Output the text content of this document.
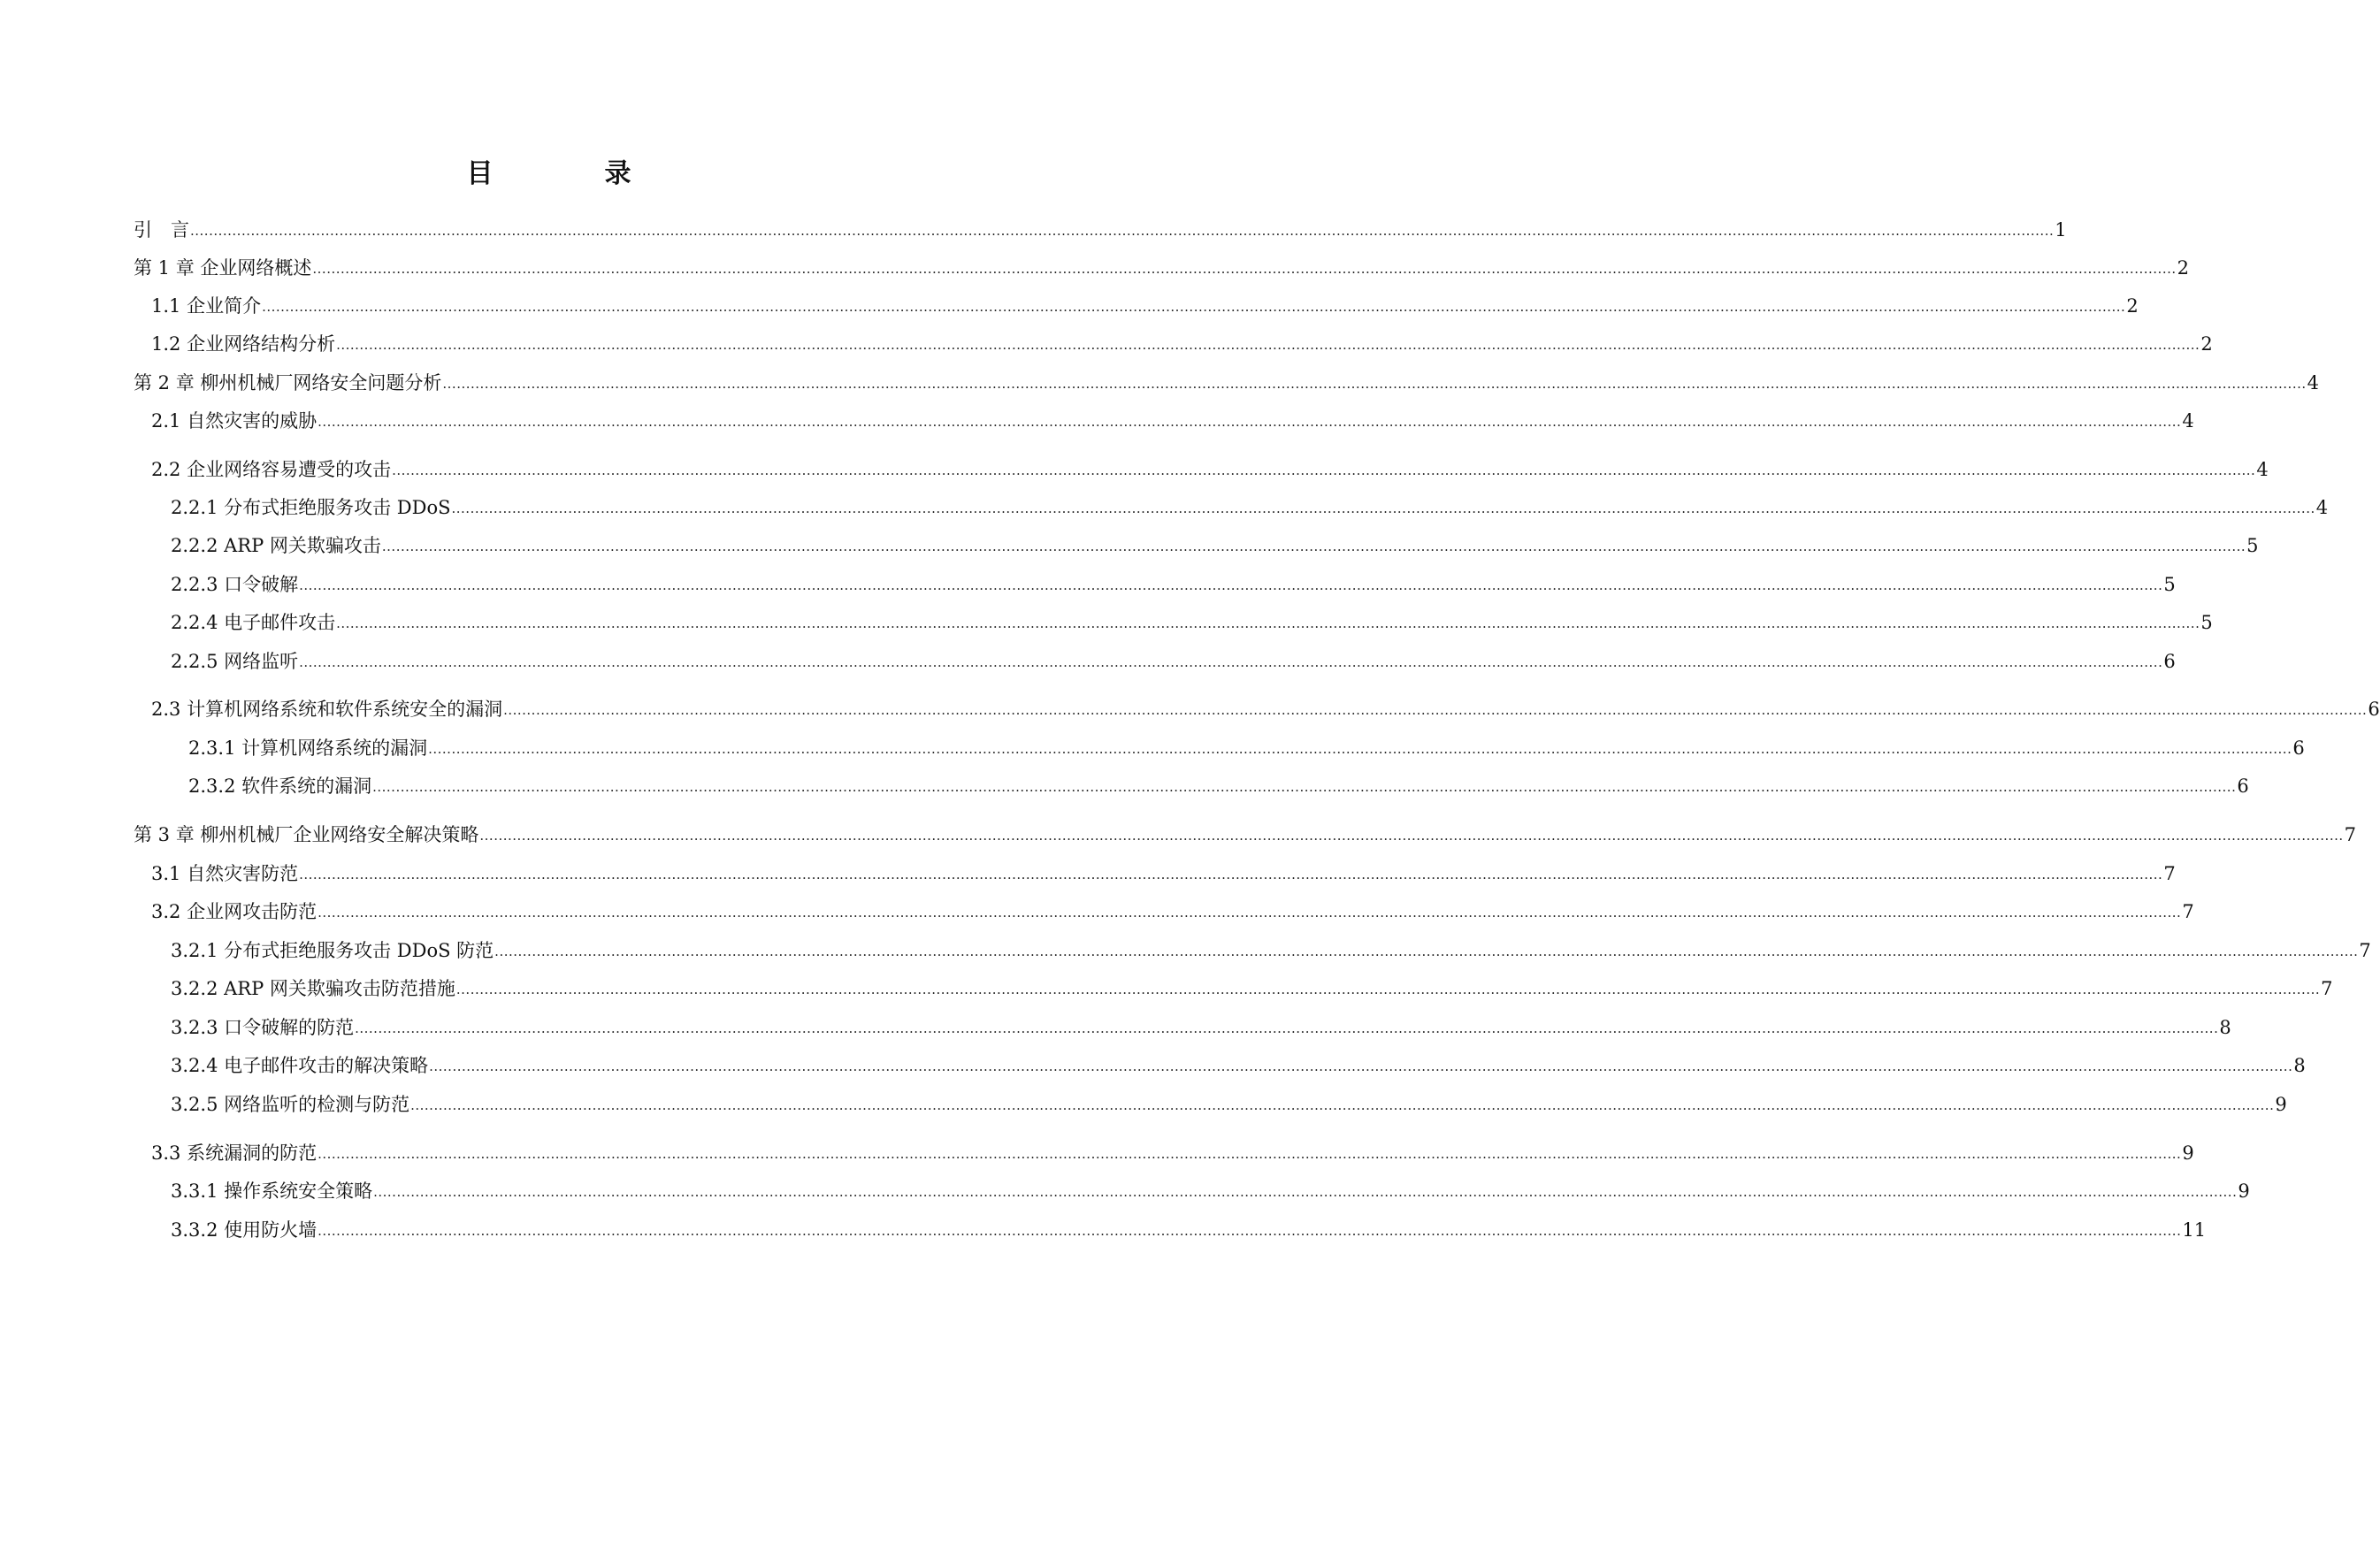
目　录
引　言 ................................................................................................................................................................................................................................................................................................................................................................................................................ 1
第 1 章 企业网络概述 ................................................................................................................................................................................................................................................................................................................................................................................................................ 2
1.1 企业简介 ................................................................................................................................................................................................................................................................................................................................................................................................................ 2
1.2 企业网络结构分析 ................................................................................................................................................................................................................................................................................................................................................................................................................ 2
第 2 章 柳州机械厂网络安全问题分析 ................................................................................................................................................................................................................................................................................................................................................................................................................ 4
2.1 自然灾害的威胁 ................................................................................................................................................................................................................................................................................................................................................................................................................ 4
2.2 企业网络容易遭受的攻击 ................................................................................................................................................................................................................................................................................................................................................................................................................ 4
2.2.1 分布式拒绝服务攻击 DDoS ................................................................................................................................................................................................................................................................................................................................................................................................................ 4
2.2.2 ARP 网关欺骗攻击 ................................................................................................................................................................................................................................................................................................................................................................................................................ 5
2.2.3 口令破解 ................................................................................................................................................................................................................................................................................................................................................................................................................ 5
2.2.4 电子邮件攻击 ................................................................................................................................................................................................................................................................................................................................................................................................................ 5
2.2.5 网络监听 ................................................................................................................................................................................................................................................................................................................................................................................................................ 6
2.3 计算机网络系统和软件系统安全的漏洞 ................................................................................................................................................................................................................................................................................................................................................................................................................ 6
2.3.1 计算机网络系统的漏洞 ................................................................................................................................................................................................................................................................................................................................................................................................................ 6
2.3.2 软件系统的漏洞 ................................................................................................................................................................................................................................................................................................................................................................................................................ 6
第 3 章 柳州机械厂企业网络安全解决策略 ................................................................................................................................................................................................................................................................................................................................................................................................................ 7
3.1 自然灾害防范 ................................................................................................................................................................................................................................................................................................................................................................................................................ 7
3.2 企业网攻击防范 ................................................................................................................................................................................................................................................................................................................................................................................................................ 7
3.2.1 分布式拒绝服务攻击 DDoS 防范 ................................................................................................................................................................................................................................................................................................................................................................................................................ 7
3.2.2 ARP 网关欺骗攻击防范措施 ................................................................................................................................................................................................................................................................................................................................................................................................................ 7
3.2.3 口令破解的防范 ................................................................................................................................................................................................................................................................................................................................................................................................................ 8
3.2.4 电子邮件攻击的解决策略 ................................................................................................................................................................................................................................................................................................................................................................................................................ 8
3.2.5 网络监听的检测与防范 ................................................................................................................................................................................................................................................................................................................................................................................................................ 9
3.3 系统漏洞的防范 ................................................................................................................................................................................................................................................................................................................................................................................................................ 9
3.3.1 操作系统安全策略 ................................................................................................................................................................................................................................................................................................................................................................................................................ 9
3.3.2 使用防火墙 ................................................................................................................................................................................................................................................................................................................................................................................................................ 11
